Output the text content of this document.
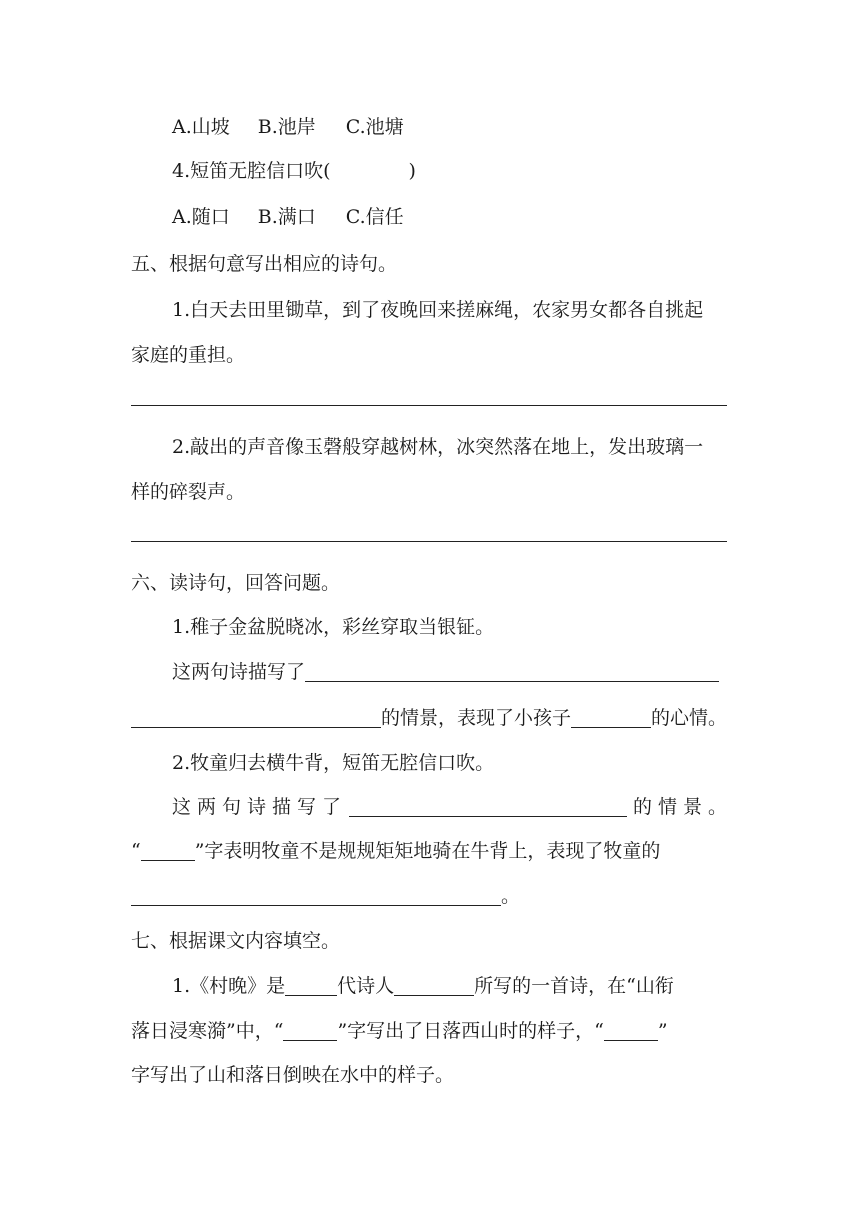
A.山坡 B.池岸 C.池塘
4.短笛无腔信口吹(	)
A.随口 B.满口 C.信任
五、根据句意写出相应的诗句。
1.白天去田里锄草，到了夜晚回来搓麻绳，农家男女都各自挑起
家庭的重担。
2.敲出的声音像玉磬般穿越树林，冰突然落在地上，发出玻璃一
样的碎裂声。
六、读诗句，回答问题。
1.稚子金盆脱晓冰，彩丝穿取当银钲。
这两句诗描写了
的情景，表现了小孩子	的心情。
2.牧童归去横牛背，短笛无腔信口吹。
这两句诗描写了	的情景。
“	”字表明牧童不是规规矩矩地骑在牛背上，表现了牧童的
。
七、根据课文内容填空。
1.《村晚》是	代诗人	所写的一首诗，在“山衔
落日浸寒漪”中，“	”字写出了日落西山时的样子，“	”
字写出了山和落日倒映在水中的样子。
